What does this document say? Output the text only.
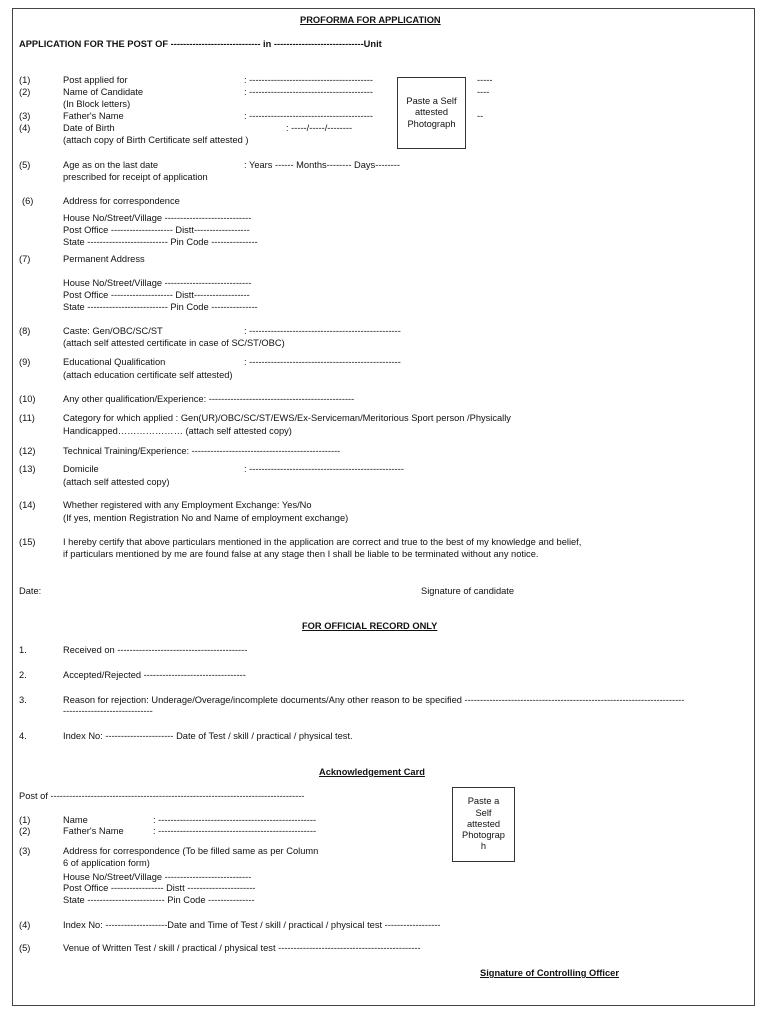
PROFORMA FOR APPLICATION
APPLICATION FOR THE POST OF ----------------------------- in -----------------------------Unit
(1)	Post applied for	: ----------------------------------------
(2)	Name of Candidate	: ----------------------------------------
(In Block letters)
(3)	Father's Name	: ----------------------------------------
(4)	Date of Birth	: -----/-----/--------
(attach copy of Birth Certificate self attested )
-----
----
--
Paste a Self
attested
Photograph
(5)	Age as on the last date	: Years ------ Months-------- Days--------
prescribed for receipt of application
(6)	Address for correspondence
House No/Street/Village ----------------------------
Post Office -------------------- Distt------------------
State -------------------------- Pin Code ---------------
(7)	Permanent Address
House No/Street/Village ----------------------------
Post Office -------------------- Distt------------------
State -------------------------- Pin Code ---------------
(8)	Caste: Gen/OBC/SC/ST	: -------------------------------------------------
(attach self attested certificate in case of SC/ST/OBC)
(9)	Educational Qualification	: -------------------------------------------------
(attach education certificate self attested)
(10)	Any other qualification/Experience: -----------------------------------------------
(11)	Category for which applied : Gen(UR)/OBC/SC/ST/EWS/Ex-Serviceman/Meritorious Sport person /Physically
Handicapped………………… (attach self attested copy)
(12)	Technical Training/Experience: ------------------------------------------------
(13)	Domicile	: --------------------------------------------------
(attach self attested copy)
(14)	Whether registered with any Employment Exchange: Yes/No
(If yes, mention Registration No and Name of employment exchange)
(15)	I hereby certify that above particulars mentioned in the application are correct and true to the best of my knowledge and belief,
if particulars mentioned by me are found false at any stage then I shall be liable to be terminated without any notice.
Date:	Signature of candidate
FOR OFFICIAL RECORD ONLY
1.	Received on ------------------------------------------
2.	Accepted/Rejected ---------------------------------
3.	Reason for rejection: Underage/Overage/incomplete documents/Any other reason to be specified -----------------------------------------------------------------------
-----------------------------
4.	Index No: ---------------------- Date of Test / skill / practical / physical test.
Acknowledgement Card
Post of ----------------------------------------------------------------------------------
(1)	Name	: ---------------------------------------------------
(2)	Father's Name	: ---------------------------------------------------
(3)	Address for correspondence (To be filled same as per Column
6 of application form)
House No/Street/Village ----------------------------
Post Office ----------------- Distt ----------------------
State ------------------------- Pin Code ---------------
Paste a
Self
attested
Photograp
h
(4)	Index No: --------------------Date and Time of Test / skill / practical / physical test ------------------
(5)	Venue of Written Test / skill / practical / physical test ----------------------------------------------
Signature of Controlling Officer
